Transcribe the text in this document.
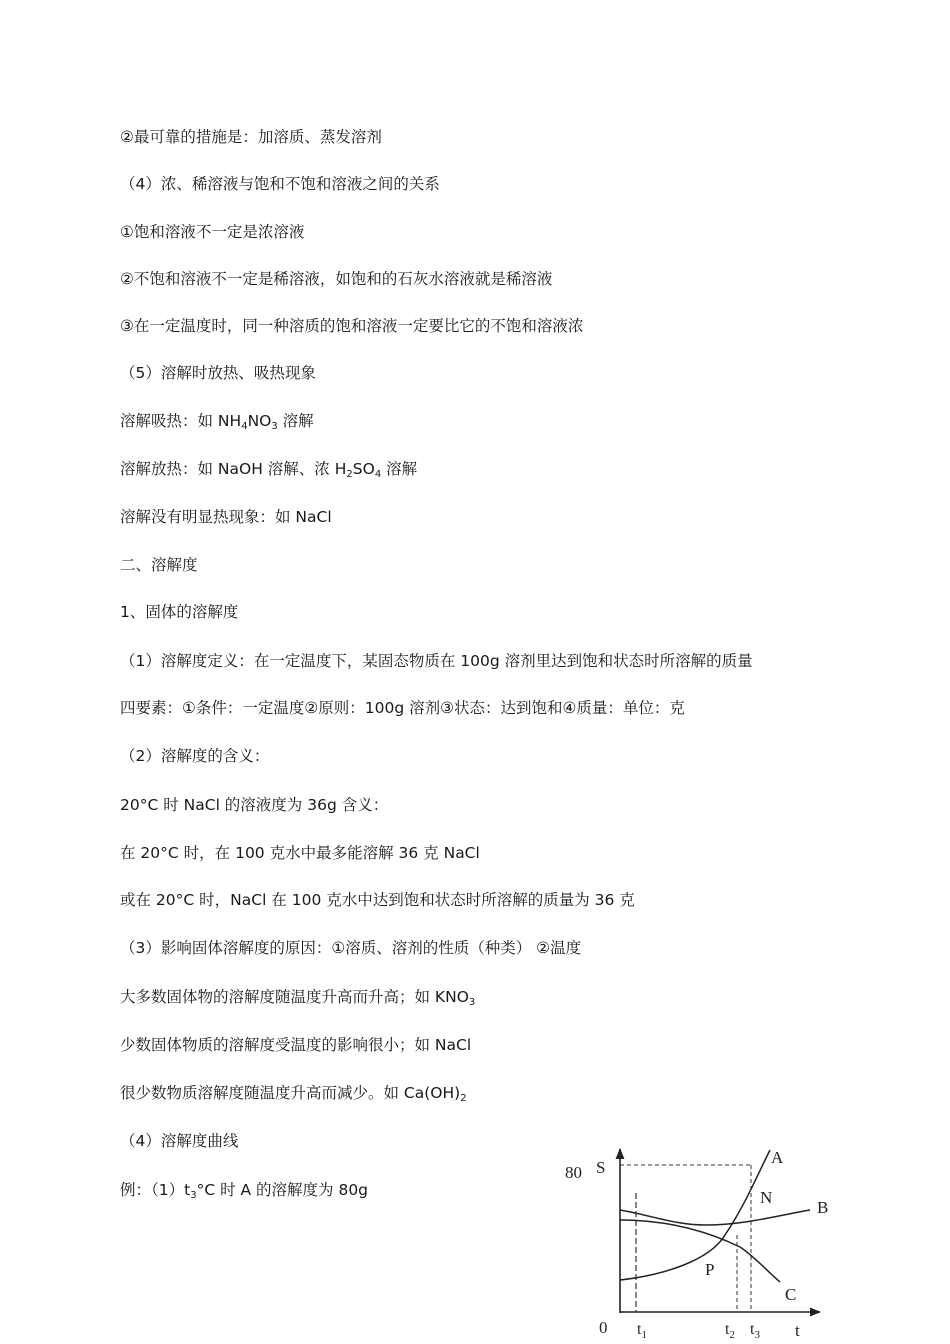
②最可靠的措施是：加溶质、蒸发溶剂

（4）浓、稀溶液与饱和不饱和溶液之间的关系

①饱和溶液不一定是浓溶液

②不饱和溶液不一定是稀溶液，如饱和的石灰水溶液就是稀溶液

③在一定温度时，同一种溶质的饱和溶液一定要比它的不饱和溶液浓

（5）溶解时放热、吸热现象

溶解吸热：如 $NH_4NO_3$ 溶解

溶解放热：如 NaOH 溶解、浓 $H_2SO_4$ 溶解

溶解没有明显热现象：如 NaCl

二、溶解度

1、固体的溶解度

（1）溶解度定义：在一定温度下，某固态物质在 100g 溶剂里达到饱和状态时所溶解的质量

四要素：①条件：一定温度②原则：100g 溶剂③状态：达到饱和④质量：单位：克

（2）溶解度的含义：

20°C 时 NaCl 的溶液度为 36g 含义：

在 20°C 时，在 100 克水中最多能溶解 36 克 NaCl

或在 20°C 时，NaCl 在 100 克水中达到饱和状态时所溶解的质量为 36 克

（3）影响固体溶解度的原因：①溶质、溶剂的性质（种类） ②温度

大多数固体物的溶解度随温度升高而升高；如 $KNO_3$

少数固体物质的溶解度受温度的影响很小；如 NaCl

很少数物质溶解度随温度升高而减少。如 $Ca(OH)_2$

（4）溶解度曲线

例：$(1)t_3^\circ C$ 时 A 的溶解度为 80g

80 S
0	t
$t_1$	$t_2$ $t_3$
A
B
C
N
P
